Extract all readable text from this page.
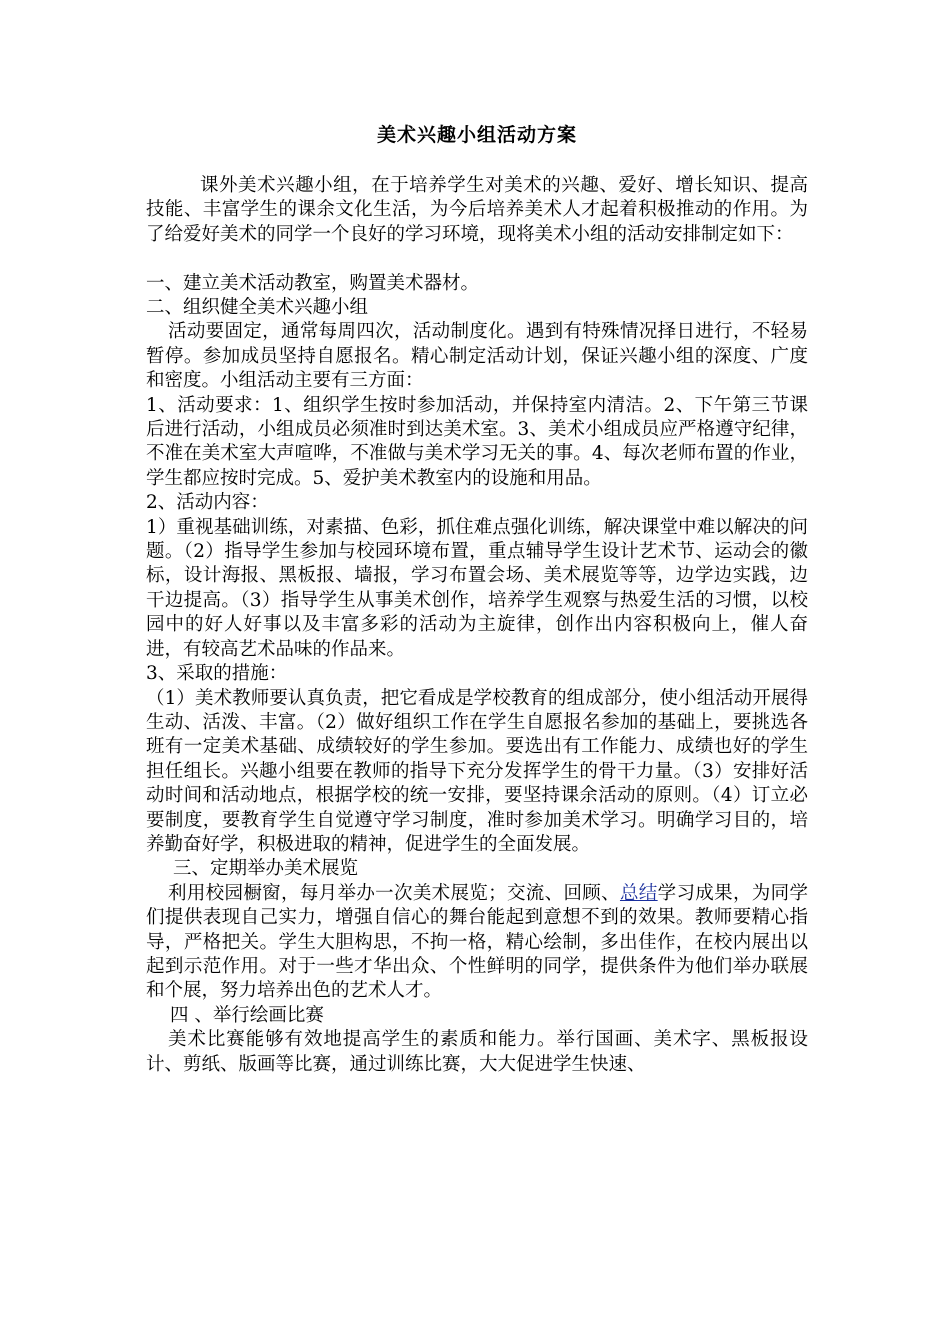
美术兴趣小组活动方案

课外美术兴趣小组，在于培养学生对美术的兴趣、爱好、增长知识、提高技能、丰富学生的课余文化生活，为今后培养美术人才起着积极推动的作用。为了给爱好美术的同学一个良好的学习环境，现将美术小组的活动安排制定如下：

一、建立美术活动教室，购置美术器材。

二、组织健全美术兴趣小组

活动要固定，通常每周四次，活动制度化。遇到有特殊情况择日进行，不轻易暂停。参加成员坚持自愿报名。精心制定活动计划，保证兴趣小组的深度、广度和密度。小组活动主要有三方面：

1、活动要求：1、组织学生按时参加活动，并保持室内清洁。2、下午第三节课后进行活动，小组成员必须准时到达美术室。3、美术小组成员应严格遵守纪律，不准在美术室大声喧哗，不准做与美术学习无关的事。4、每次老师布置的作业，学生都应按时完成。5、爱护美术教室内的设施和用品。

2、活动内容：

1）重视基础训练，对素描、色彩，抓住难点强化训练，解决课堂中难以解决的问题。（2）指导学生参加与校园环境布置，重点辅导学生设计艺术节、运动会的徽标，设计海报、黑板报、墙报，学习布置会场、美术展览等等，边学边实践，边干边提高。（3）指导学生从事美术创作，培养学生观察与热爱生活的习惯，以校园中的好人好事以及丰富多彩的活动为主旋律，创作出内容积极向上，催人奋进，有较高艺术品味的作品来。

3、采取的措施：

（1）美术教师要认真负责，把它看成是学校教育的组成部分，使小组活动开展得生动、活泼、丰富。（2）做好组织工作在学生自愿报名参加的基础上，要挑选各班有一定美术基础、成绩较好的学生参加。要选出有工作能力、成绩也好的学生担任组长。兴趣小组要在教师的指导下充分发挥学生的骨干力量。（3）安排好活动时间和活动地点，根据学校的统一安排，要坚持课余活动的原则。（4）订立必要制度，要教育学生自觉遵守学习制度，准时参加美术学习。明确学习目的，培养勤奋好学，积极进取的精神，促进学生的全面发展。

三、定期举办美术展览

利用校园橱窗，每月举办一次美术展览；交流、回顾、总结学习成果，为同学们提供表现自己实力，增强自信心的舞台能起到意想不到的效果。教师要精心指导，严格把关。学生大胆构思，不拘一格，精心绘制，多出佳作，在校内展出以起到示范作用。对于一些才华出众、个性鲜明的同学，提供条件为他们举办联展和个展，努力培养出色的艺术人才。

四 、举行绘画比赛

美术比赛能够有效地提高学生的素质和能力。举行国画、美术字、黑板报设计、剪纸、版画等比赛，通过训练比赛，大大促进学生快速、
